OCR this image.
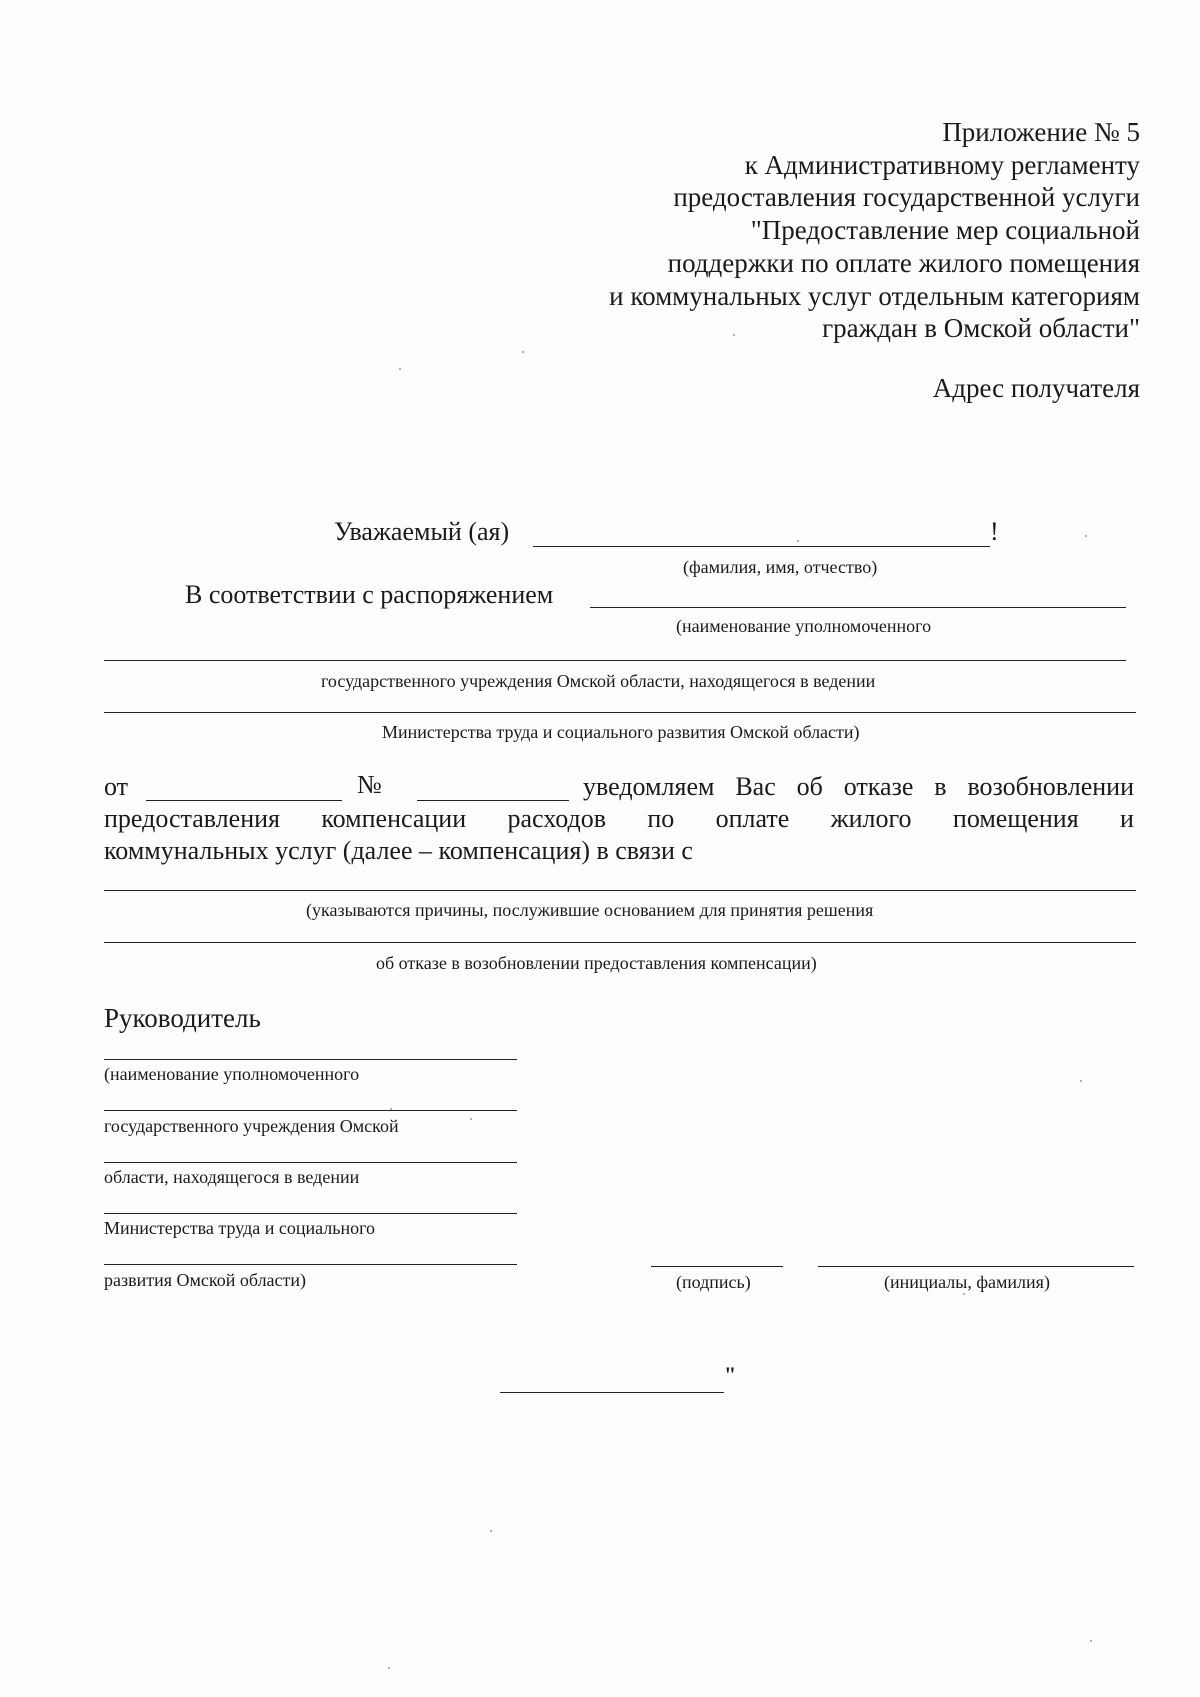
Приложение № 5
к Административному регламенту
предоставления государственной услуги
"Предоставление мер социальной
поддержки по оплате жилого помещения
и коммунальных услуг отдельным категориям
граждан в Омской области"
Адрес получателя
Уважаемый (ая)	!
(фамилия, имя, отчество)
В соответствии с распоряжением
(наименование уполномоченного
государственного учреждения Омской области, находящегося в ведении
Министерства труда и социального развития Омской области)
от	№	уведомляем Вас об отказе в возобновлении
предоставления компенсации расходов по оплате жилого помещения и
коммунальных услуг (далее – компенсация) в связи с
(указываются причины, послужившие основанием для принятия решения
об отказе в возобновлении предоставления компенсации)
Руководитель
(наименование уполномоченного
государственного учреждения Омской
области, находящегося в ведении
Министерства труда и социального
развития Омской области)	(подпись)	(инициалы, фамилия)
"
